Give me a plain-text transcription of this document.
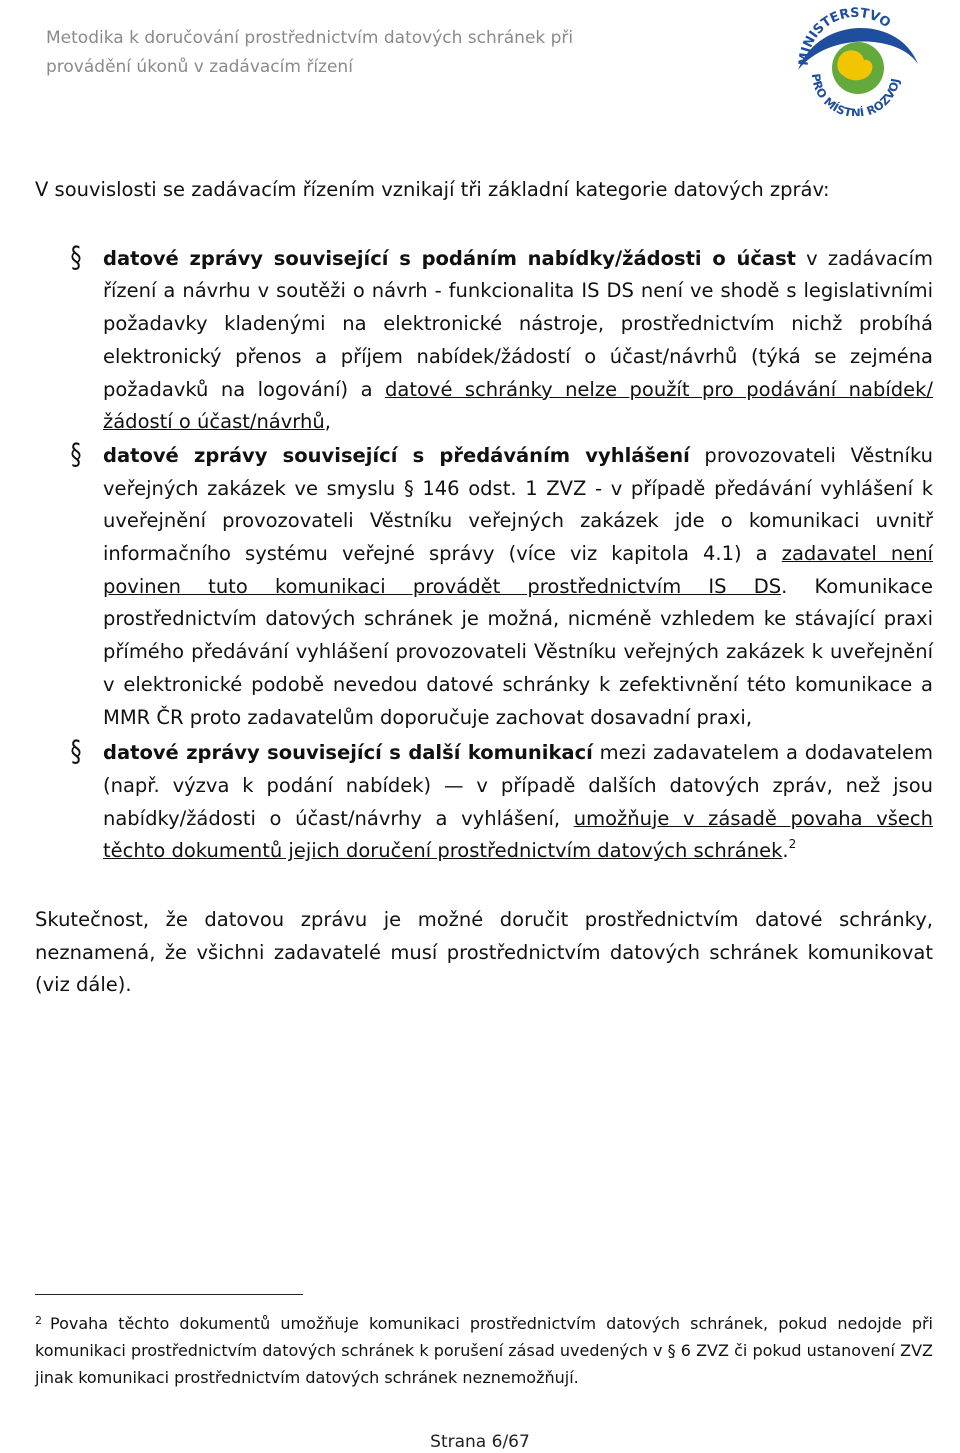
Metodika k doručování prostřednictvím datových schránek při
provádění úkonů v zadávacím řízení	MINISTERSTVO
PRO MÍSTNÍ ROZVOJ

V souvislosti se zadávacím řízením vznikají tři základní kategorie datových zpráv:

§ datové zprávy související s podáním nabídky/žádosti o účast v zadávacím řízení a návrhu v soutěži o návrh - funkcionalita IS DS není ve shodě s legislativními požadavky kladenými na elektronické nástroje, prostřednictvím nichž probíhá elektronický přenos a příjem nabídek/žádostí o účast/návrhů (týká se zejména požadavků na logování) a datové schránky nelze použít pro podávání nabídek/žádostí o účast/návrhů,
§ datové zprávy související s předáváním vyhlášení provozovateli Věstníku veřejných zakázek ve smyslu § 146 odst. 1 ZVZ - v případě předávání vyhlášení k uveřejnění provozovateli Věstníku veřejných zakázek jde o komunikaci uvnitř informačního systému veřejné správy (více viz kapitola 4.1) a zadavatel není povinen tuto komunikaci provádět prostřednictvím IS DS. Komunikace prostřednictvím datových schránek je možná, nicméně vzhledem ke stávající praxi přímého předávání vyhlášení provozovateli Věstníku veřejných zakázek k uveřejnění v elektronické podobě nevedou datové schránky k zefektivnění této komunikace a MMR ČR proto zadavatelům doporučuje zachovat dosavadní praxi,
§ datové zprávy související s další komunikací mezi zadavatelem a dodavatelem (např. výzva k podání nabídek) — v případě dalších datových zpráv, než jsou nabídky/žádosti o účast/návrhy a vyhlášení, umožňuje v zásadě povaha všech těchto dokumentů jejich doručení prostřednictvím datových schránek.$^2$

Skutečnost, že datovou zprávu je možné doručit prostřednictvím datové schránky, neznamená, že všichni zadavatelé musí prostřednictvím datových schránek komunikovat (viz dále).

$^2$ Povaha těchto dokumentů umožňuje komunikaci prostřednictvím datových schránek, pokud nedojde při komunikaci prostřednictvím datových schránek k porušení zásad uvedených v § 6 ZVZ či pokud ustanovení ZVZ jinak komunikaci prostřednictvím datových schránek neznemožňují.
Strana 6/67
